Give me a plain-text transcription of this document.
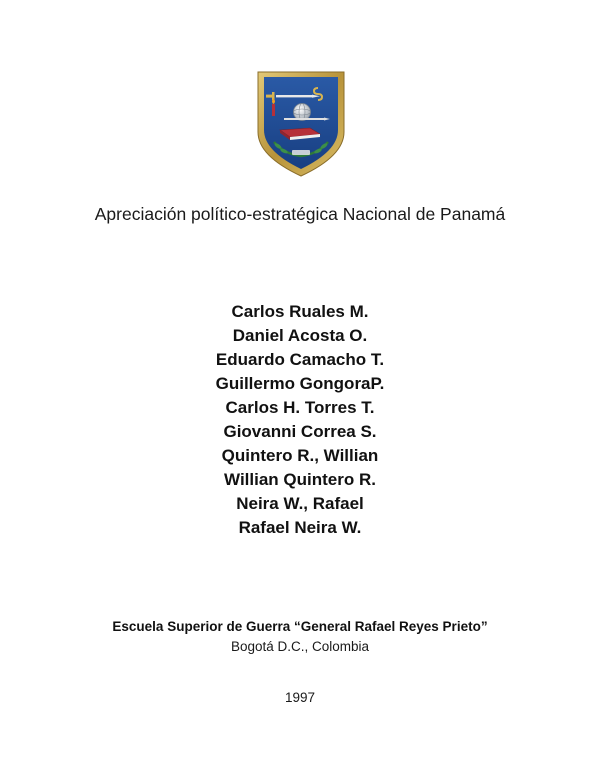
Apreciación político-estratégica Nacional de Panamá
Carlos Ruales M.
Daniel Acosta O.
Eduardo Camacho T.
Guillermo GongoraP.
Carlos H. Torres T.
Giovanni Correa S.
Quintero R., Willian
Willian Quintero R.
Neira W., Rafael
Rafael Neira W.

Escuela Superior de Guerra “General Rafael Reyes Prieto”

Bogotá D.C., Colombia

1997
